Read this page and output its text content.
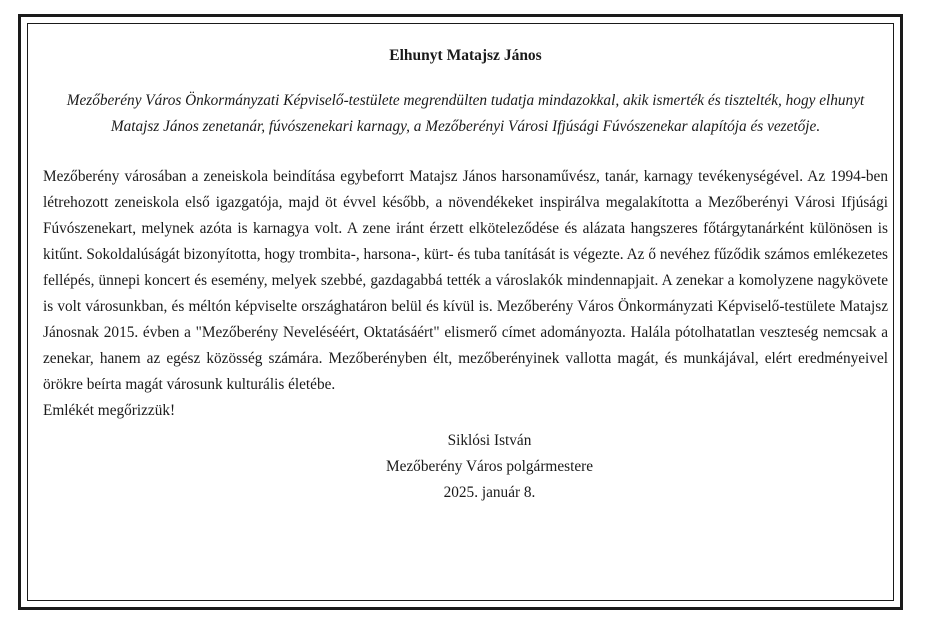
Elhunyt Matajsz János
Mezőberény Város Önkormányzati Képviselő-testülete megrendülten tudatja mindazokkal, akik ismerték és tisztelték, hogy elhunyt Matajsz János zenetanár, fúvószenekari karnagy, a Mezőberényi Városi Ifjúsági Fúvószenekar alapítója és vezetője.
Mezőberény városában a zeneiskola beindítása egybeforrt Matajsz János harsonaművész, tanár, karnagy tevékenységével. Az 1994-ben létrehozott zeneiskola első igazgatója, majd öt évvel később, a növendékeket inspirálva megalakította a Mezőberényi Városi Ifjúsági Fúvószenekart, melynek azóta is karnagya volt. A zene iránt érzett elköteleződése és alázata hangszeres főtárgytanárként különösen is kitűnt. Sokoldalúságát bizonyította, hogy trombita-, harsona-, kürt- és tuba tanítását is végezte. Az ő nevéhez fűződik számos emlékezetes fellépés, ünnepi koncert és esemény, melyek szebbé, gazdagabbá tették a városlakók mindennapjait. A zenekar a komolyzene nagykövete is volt városunkban, és méltón képviselte országhatáron belül és kívül is. Mezőberény Város Önkormányzati Képviselő-testülete Matajsz Jánosnak 2015. évben a "Mezőberény Neveléséért, Oktatásáért" elismerő címet adományozta. Halála pótolhatatlan veszteség nemcsak a zenekar, hanem az egész közösség számára. Mezőberényben élt, mezőberényinek vallotta magát, és munkájával, elért eredményeivel örökre beírta magát városunk kulturális életébe.
Emlékét megőrizzük!
Siklósi István
Mezőberény Város polgármestere
2025. január 8.
